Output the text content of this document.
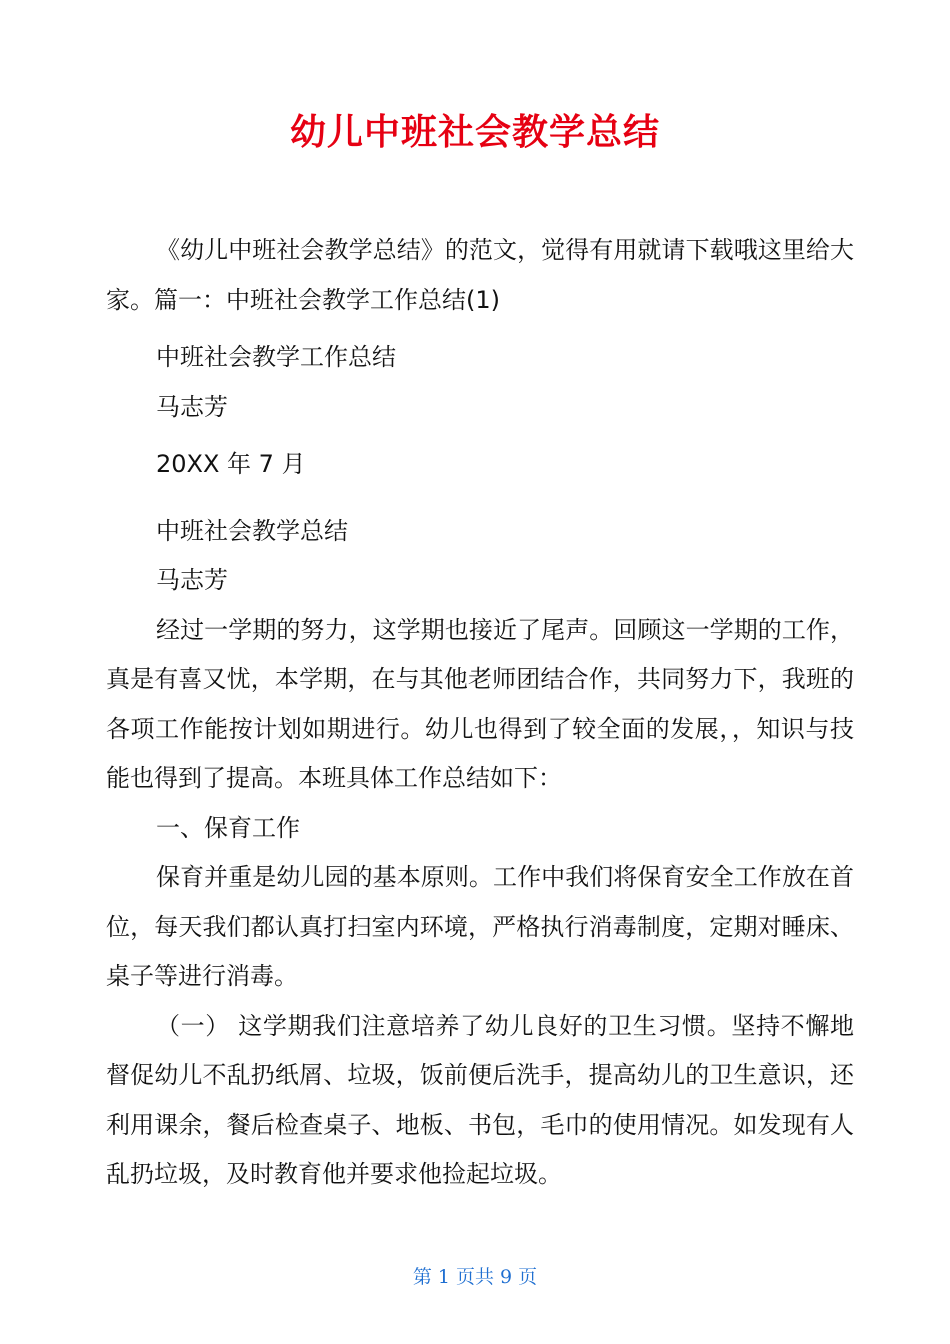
幼儿中班社会教学总结

《幼儿中班社会教学总结》的范文，觉得有用就请下载哦这里给大家。篇一：中班社会教学工作总结(1)

中班社会教学工作总结

马志芳

20XX 年 7 月

中班社会教学总结

马志芳

经过一学期的努力，这学期也接近了尾声。回顾这一学期的工作，真是有喜又忧，本学期，在与其他老师团结合作，共同努力下，我班的各项工作能按计划如期进行。幼儿也得到了较全面的发展，，知识与技能也得到了提高。本班具体工作总结如下：

一、保育工作

保育并重是幼儿园的基本原则。工作中我们将保育安全工作放在首位，每天我们都认真打扫室内环境，严格执行消毒制度，定期对睡床、桌子等进行消毒。

（一） 这学期我们注意培养了幼儿良好的卫生习惯。坚持不懈地督促幼儿不乱扔纸屑、垃圾，饭前便后洗手，提高幼儿的卫生意识，还利用课余，餐后检查桌子、地板、书包，毛巾的使用情况。如发现有人乱扔垃圾，及时教育他并要求他捡起垃圾。

第 1 页共 9 页
